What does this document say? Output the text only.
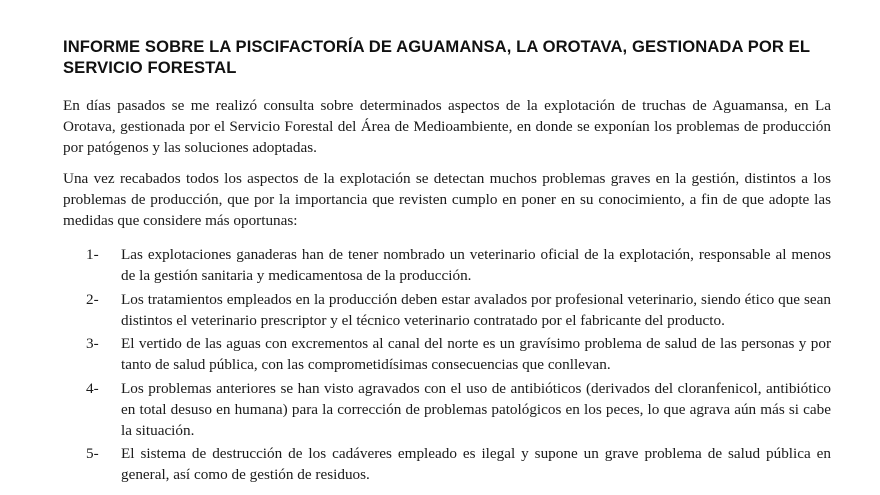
INFORME SOBRE LA PISCIFACTORÍA DE AGUAMANSA, LA OROTAVA, GESTIONADA POR EL SERVICIO FORESTAL

En días pasados se me realizó consulta sobre determinados aspectos de la explotación de truchas de Aguamansa, en La Orotava, gestionada por el Servicio Forestal del Área de Medioambiente, en donde se exponían los problemas de producción por patógenos y las soluciones adoptadas.

Una vez recabados todos los aspectos de la explotación se detectan muchos problemas graves en la gestión, distintos a los problemas de producción, que por la importancia que revisten cumplo en poner en su conocimiento, a fin de que adopte las medidas que considere más oportunas:

1-	Las explotaciones ganaderas han de tener nombrado un veterinario oficial de la explotación, responsable al menos de la gestión sanitaria y medicamentosa de la producción.
2-	Los tratamientos empleados en la producción deben estar avalados por profesional veterinario, siendo ético que sean distintos el veterinario prescriptor y el técnico veterinario contratado por el fabricante del producto.
3-	El vertido de las aguas con excrementos al canal del norte es un gravísimo problema de salud de las personas y por tanto de salud pública, con las comprometidísimas consecuencias que conllevan.
4-	Los problemas anteriores se han visto agravados con el uso de antibióticos (derivados del cloranfenicol, antibiótico en total desuso en humana) para la corrección de problemas patológicos en los peces, lo que agrava aún más si cabe la situación.
5-	El sistema de destrucción de los cadáveres empleado es ilegal y supone un grave problema de salud pública en general, así como de gestión de residuos.
